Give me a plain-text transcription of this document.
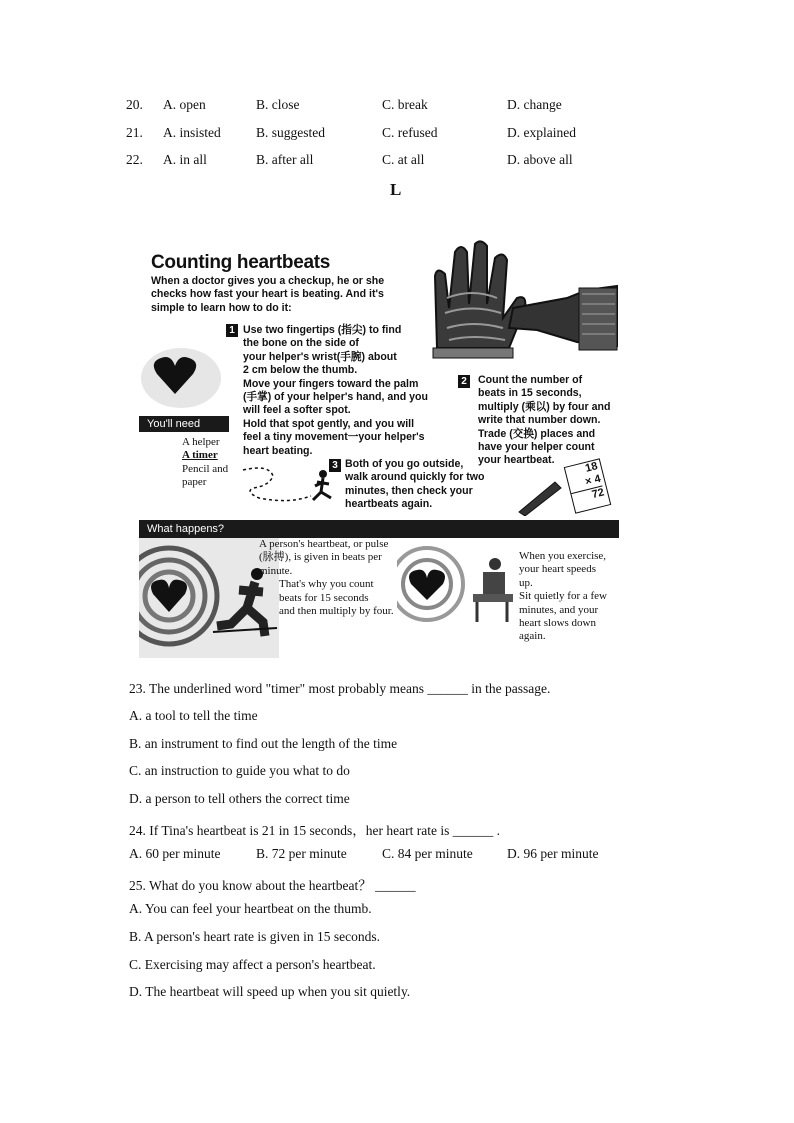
20. A. open	B. close	C. break	D. change
21. A. insisted	B. suggested	C. refused	D. explained
22. A. in all	B. after all	C. at all	D. above all
L
Counting heartbeats
When a doctor gives you a checkup, he or she
checks how fast your heart is beating. And it's
simple to learn how to do it:
1 Use two fingertips (指尖) to find
the bone on the side of
your helper's wrist(手腕) about
2 cm below the thumb.
Move your fingers toward the palm
(手掌) of your helper's hand, and you
will feel a softer spot.
Hold that spot gently, and you will
feel a tiny movement一your helper's
heart beating.
2	Count the number of
beats in 15 seconds,
multiply (乘以) by four and
write that number down.
Trade (交换) places and
have your helper count
your heartbeat.
You'll need
A helper
A timer
Pencil and
paper
3 Both of you go outside,
walk around quickly for two
minutes, then check your
heartbeats again.
18
× 4
72
What happens?
A person's heartbeat, or pulse
(脉搏), is given in beats per
minute.
That's why you count
beats for 15 seconds
and then multiply by four.
When you exercise,
your heart speeds
up.
Sit quietly for a few
minutes, and your
heart slows down
again.
23. The underlined word "timer" most probably means ______ in the passage.
A. a tool to tell the time
B. an instrument to find out the length of the time
C. an instruction to guide you what to do
D. a person to tell others the correct time
24. If Tina's heartbeat is 21 in 15 seconds，her heart rate is ______ .
A. 60 per minute	B. 72 per minute	C. 84 per minute	D. 96 per minute
25. What do you know about the heartbeat？ ______
A. You can feel your heartbeat on the thumb.
B. A person's heart rate is given in 15 seconds.
C. Exercising may affect a person's heartbeat.
D. The heartbeat will speed up when you sit quietly.
